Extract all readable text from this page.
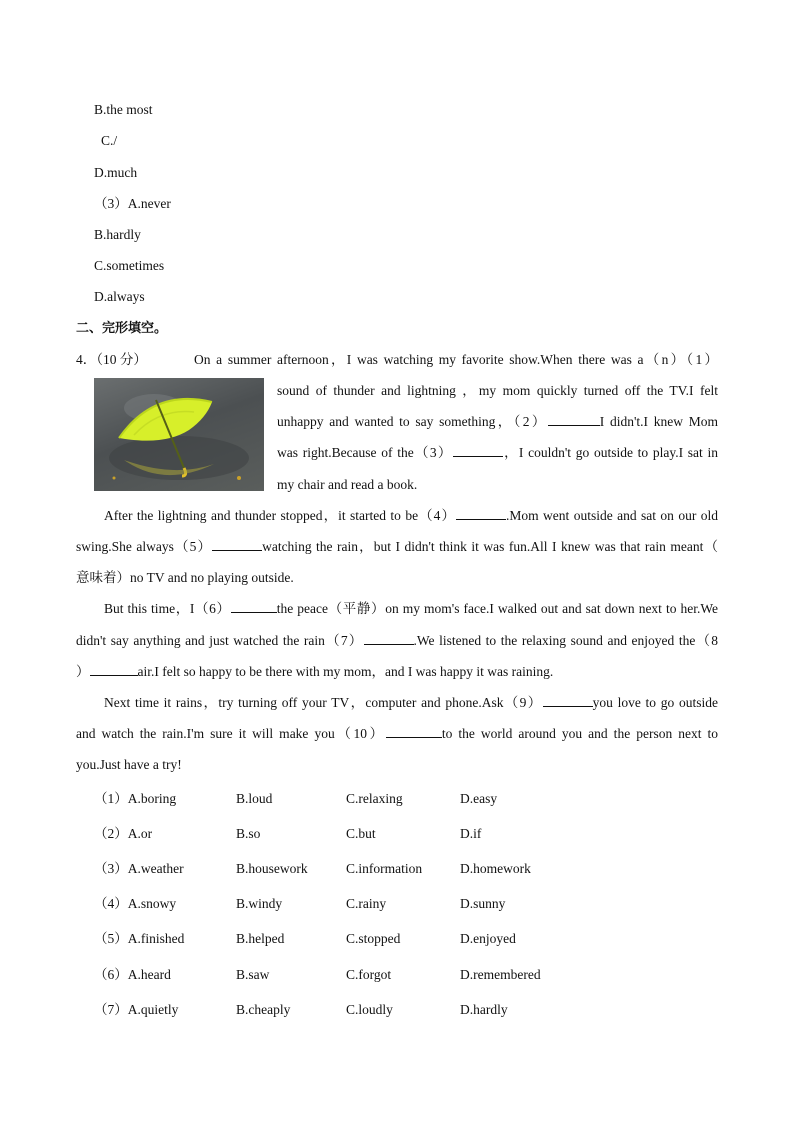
B.the most
C./
D.much
（3）A.never
B.hardly
C.sometimes
D.always
二、完形填空。
4．（10 分）	On a summer afternoon，I was watching my favorite show.When there was a（n）（1）
sound of thunder and lightning ，my mom quickly turned off the TV.I felt
unhappy and wanted to say something，（2）	I didn't.I knew Mom
was right.Because of the（3）	，I couldn't go outside to play.I sat in
my chair and read a book.
After the lightning and thunder stopped，it started to be（4）	.Mom went outside and sat on our old
swing.She always（5）	watching the rain，but I didn't think it was fun.All I knew was that rain meant（
意味着）no TV and no playing outside.
But this time，I（6）	the peace（平静）on my mom's face.I walked out and sat down next to her.We
didn't say anything and just watched the rain（7）	.We listened to the relaxing sound and enjoyed the（8
）	air.I felt so happy to be there with my mom，and I was happy it was raining.
Next time it rains，try turning off your TV，computer and phone.Ask（9）	you love to go outside
and watch the rain.I'm sure it will make you（10）	to the world around you and the person next to
you.Just have a try!
（1）A.boring	B.loud	C.relaxing	D.easy
（2）A.or	B.so	C.but	D.if
（3）A.weather	B.housework	C.information	D.homework
（4）A.snowy	B.windy	C.rainy	D.sunny
（5）A.finished	B.helped	C.stopped	D.enjoyed
（6）A.heard	B.saw	C.forgot	D.remembered
（7）A.quietly	B.cheaply	C.loudly	D.hardly
